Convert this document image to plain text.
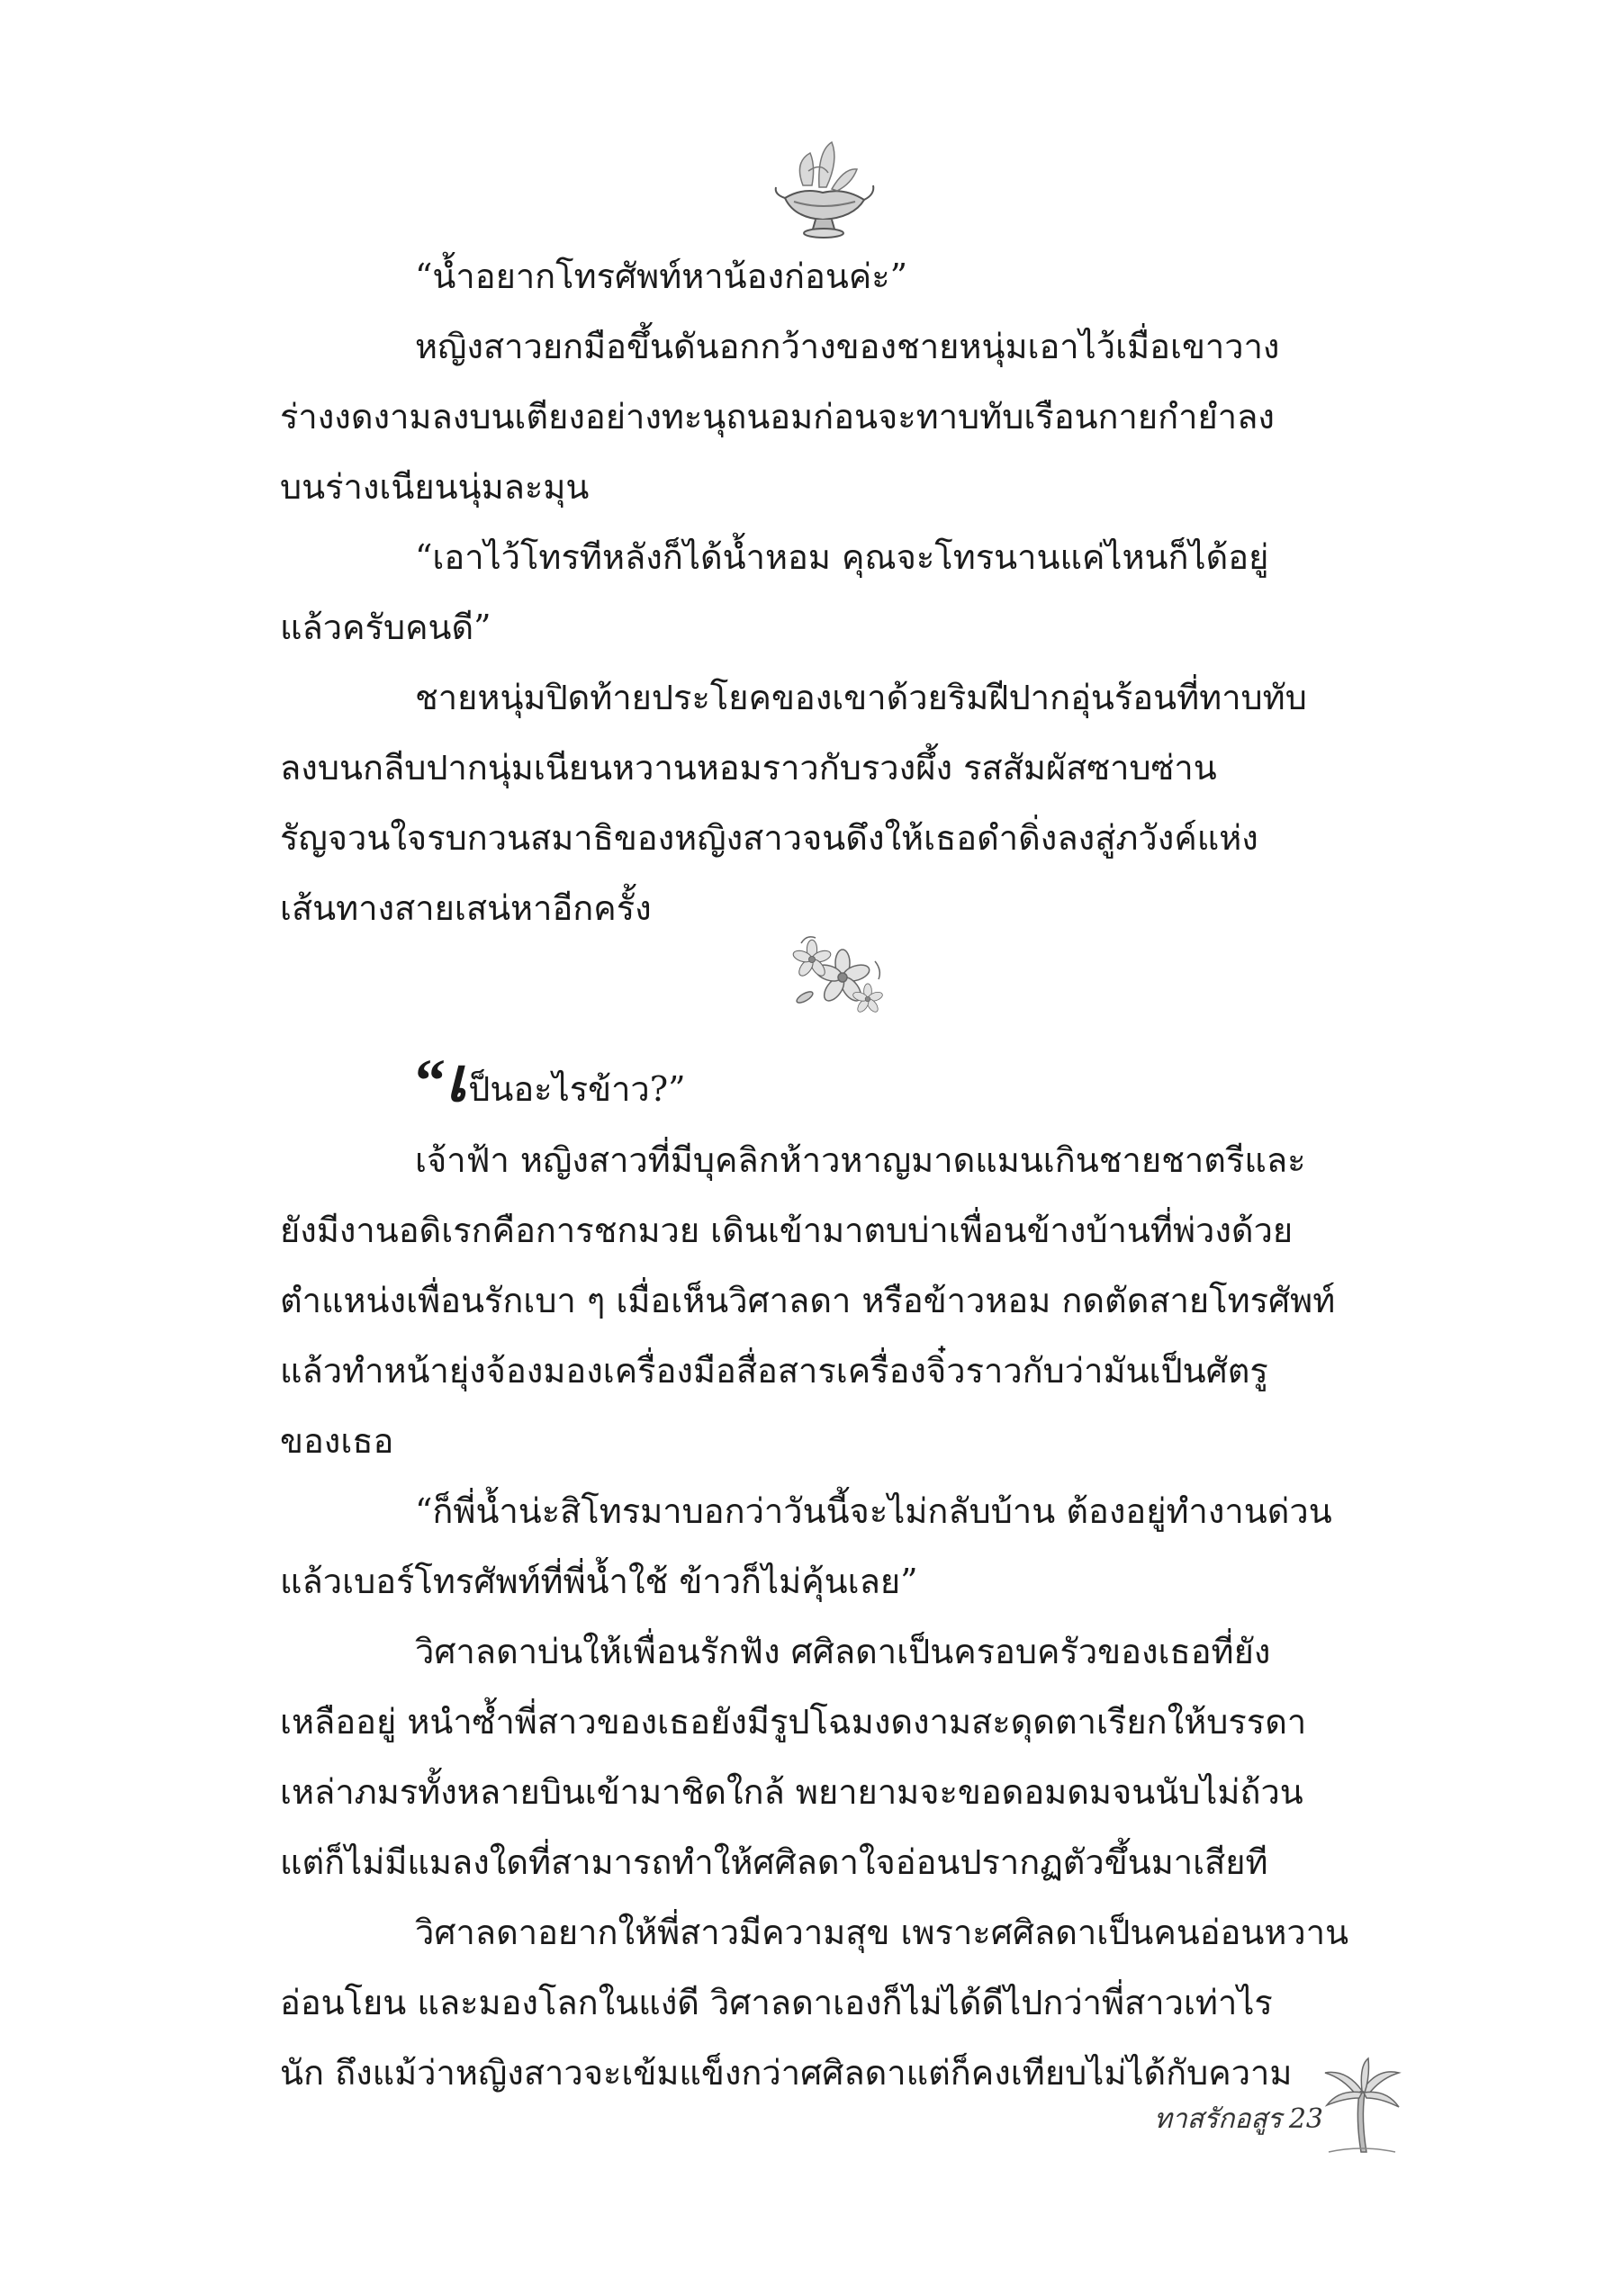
“น้ำอยากโทรศัพท์หาน้องก่อนค่ะ”
หญิงสาวยกมือขึ้นดันอกกว้างของชายหนุ่มเอาไว้เมื่อเขาวาง
ร่างงดงามลงบนเตียงอย่างทะนุถนอมก่อนจะทาบทับเรือนกายกำยำลง
บนร่างเนียนนุ่มละมุน
“เอาไว้โทรทีหลังก็ได้น้ำหอม คุณจะโทรนานแค่ไหนก็ได้อยู่
แล้วครับคนดี”
ชายหนุ่มปิดท้ายประโยคของเขาด้วยริมฝีปากอุ่นร้อนที่ทาบทับ
ลงบนกลีบปากนุ่มเนียนหวานหอมราวกับรวงผึ้ง รสสัมผัสซาบซ่าน
รัญจวนใจรบกวนสมาธิของหญิงสาวจนดึงให้เธอดำดิ่งลงสู่ภวังค์แห่ง
เส้นทางสายเสน่หาอีกครั้ง
“เป็นอะไรข้าว?”
เจ้าฟ้า หญิงสาวที่มีบุคลิกห้าวหาญมาดแมนเกินชายชาตรีและ
ยังมีงานอดิเรกคือการชกมวย เดินเข้ามาตบบ่าเพื่อนข้างบ้านที่พ่วงด้วย
ตำแหน่งเพื่อนรักเบา ๆ เมื่อเห็นวิศาลดา หรือข้าวหอม กดตัดสายโทรศัพท์
แล้วทำหน้ายุ่งจ้องมองเครื่องมือสื่อสารเครื่องจิ๋วราวกับว่ามันเป็นศัตรู
ของเธอ
“ก็พี่น้ำน่ะสิโทรมาบอกว่าวันนี้จะไม่กลับบ้าน ต้องอยู่ทำงานด่วน
แล้วเบอร์โทรศัพท์ที่พี่น้ำใช้ ข้าวก็ไม่คุ้นเลย”
วิศาลดาบ่นให้เพื่อนรักฟัง ศศิลดาเป็นครอบครัวของเธอที่ยัง
เหลืออยู่ หนำซ้ำพี่สาวของเธอยังมีรูปโฉมงดงามสะดุดตาเรียกให้บรรดา
เหล่าภมรทั้งหลายบินเข้ามาชิดใกล้ พยายามจะขอดอมดมจนนับไม่ถ้วน
แต่ก็ไม่มีแมลงใดที่สามารถทำให้ศศิลดาใจอ่อนปรากฏตัวขึ้นมาเสียที
วิศาลดาอยากให้พี่สาวมีความสุข เพราะศศิลดาเป็นคนอ่อนหวาน
อ่อนโยน และมองโลกในแง่ดี วิศาลดาเองก็ไม่ได้ดีไปกว่าพี่สาวเท่าไร
นัก ถึงแม้ว่าหญิงสาวจะเข้มแข็งกว่าศศิลดาแต่ก็คงเทียบไม่ได้กับความ
ทาสรักอสูร 23
